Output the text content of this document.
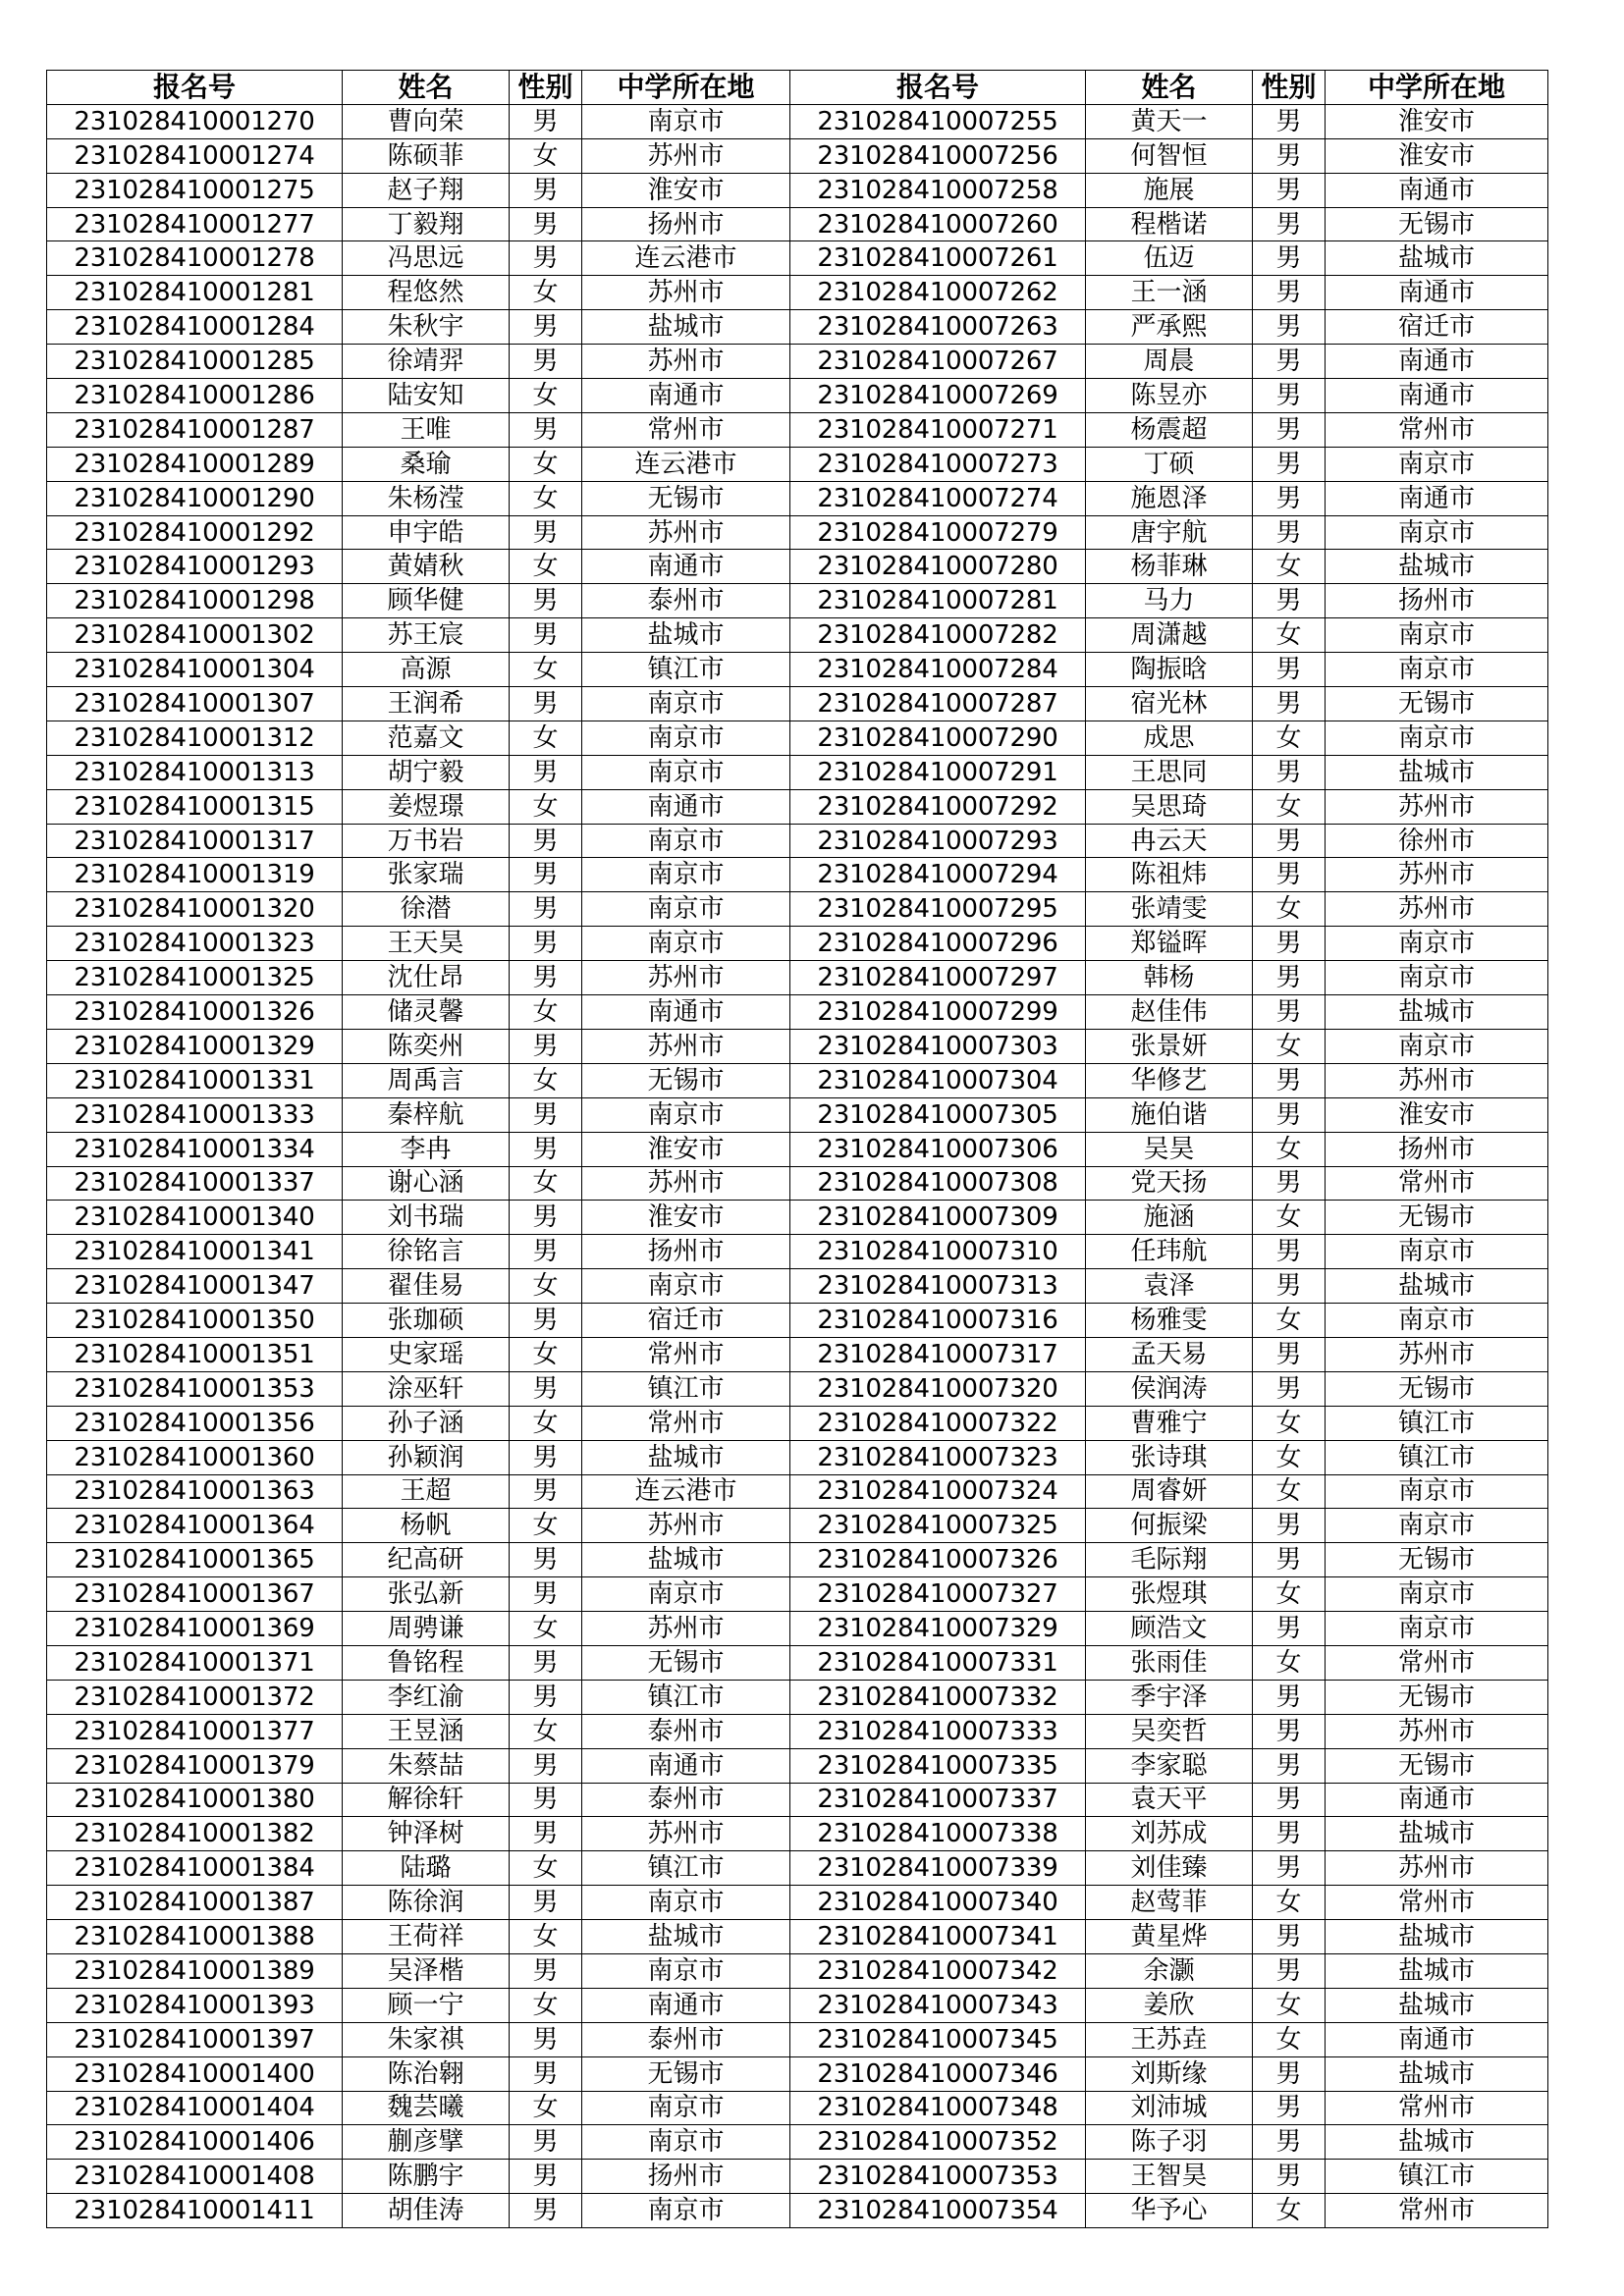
报名号	姓名	性别	中学所在地	报名号	姓名	性别	中学所在地
231028410001270	曹向荣	男	南京市	231028410007255	黄天一	男	淮安市
231028410001274	陈硕菲	女	苏州市	231028410007256	何智恒	男	淮安市
231028410001275	赵子翔	男	淮安市	231028410007258	施展	男	南通市
231028410001277	丁毅翔	男	扬州市	231028410007260	程楷诺	男	无锡市
231028410001278	冯思远	男	连云港市	231028410007261	伍迈	男	盐城市
231028410001281	程悠然	女	苏州市	231028410007262	王一涵	男	南通市
231028410001284	朱秋宇	男	盐城市	231028410007263	严承熙	男	宿迁市
231028410001285	徐靖羿	男	苏州市	231028410007267	周晨	男	南通市
231028410001286	陆安知	女	南通市	231028410007269	陈昱亦	男	南通市
231028410001287	王唯	男	常州市	231028410007271	杨震超	男	常州市
231028410001289	桑瑜	女	连云港市	231028410007273	丁硕	男	南京市
231028410001290	朱杨滢	女	无锡市	231028410007274	施恩泽	男	南通市
231028410001292	申宇皓	男	苏州市	231028410007279	唐宇航	男	南京市
231028410001293	黄婧秋	女	南通市	231028410007280	杨菲琳	女	盐城市
231028410001298	顾华健	男	泰州市	231028410007281	马力	男	扬州市
231028410001302	苏王宸	男	盐城市	231028410007282	周潇越	女	南京市
231028410001304	高源	女	镇江市	231028410007284	陶振晗	男	南京市
231028410001307	王润希	男	南京市	231028410007287	宿光林	男	无锡市
231028410001312	范嘉文	女	南京市	231028410007290	成思	女	南京市
231028410001313	胡宁毅	男	南京市	231028410007291	王思同	男	盐城市
231028410001315	姜煜璟	女	南通市	231028410007292	吴思琦	女	苏州市
231028410001317	万书岩	男	南京市	231028410007293	冉云天	男	徐州市
231028410001319	张家瑞	男	南京市	231028410007294	陈祖炜	男	苏州市
231028410001320	徐潜	男	南京市	231028410007295	张靖雯	女	苏州市
231028410001323	王天昊	男	南京市	231028410007296	郑镒晖	男	南京市
231028410001325	沈仕昂	男	苏州市	231028410007297	韩杨	男	南京市
231028410001326	储灵馨	女	南通市	231028410007299	赵佳伟	男	盐城市
231028410001329	陈奕州	男	苏州市	231028410007303	张景妍	女	南京市
231028410001331	周禹言	女	无锡市	231028410007304	华修艺	男	苏州市
231028410001333	秦梓航	男	南京市	231028410007305	施伯谐	男	淮安市
231028410001334	李冉	男	淮安市	231028410007306	吴昊	女	扬州市
231028410001337	谢心涵	女	苏州市	231028410007308	党天扬	男	常州市
231028410001340	刘书瑞	男	淮安市	231028410007309	施涵	女	无锡市
231028410001341	徐铭言	男	扬州市	231028410007310	任玮航	男	南京市
231028410001347	翟佳易	女	南京市	231028410007313	袁泽	男	盐城市
231028410001350	张珈硕	男	宿迁市	231028410007316	杨雅雯	女	南京市
231028410001351	史家瑶	女	常州市	231028410007317	孟天易	男	苏州市
231028410001353	涂巫轩	男	镇江市	231028410007320	侯润涛	男	无锡市
231028410001356	孙子涵	女	常州市	231028410007322	曹雅宁	女	镇江市
231028410001360	孙颖润	男	盐城市	231028410007323	张诗琪	女	镇江市
231028410001363	王超	男	连云港市	231028410007324	周睿妍	女	南京市
231028410001364	杨帆	女	苏州市	231028410007325	何振梁	男	南京市
231028410001365	纪高研	男	盐城市	231028410007326	毛际翔	男	无锡市
231028410001367	张弘新	男	南京市	231028410007327	张煜琪	女	南京市
231028410001369	周骋谦	女	苏州市	231028410007329	顾浩文	男	南京市
231028410001371	鲁铭程	男	无锡市	231028410007331	张雨佳	女	常州市
231028410001372	李红渝	男	镇江市	231028410007332	季宇泽	男	无锡市
231028410001377	王昱涵	女	泰州市	231028410007333	吴奕哲	男	苏州市
231028410001379	朱蔡喆	男	南通市	231028410007335	李家聪	男	无锡市
231028410001380	解徐轩	男	泰州市	231028410007337	袁天平	男	南通市
231028410001382	钟泽树	男	苏州市	231028410007338	刘苏成	男	盐城市
231028410001384	陆璐	女	镇江市	231028410007339	刘佳臻	男	苏州市
231028410001387	陈徐润	男	南京市	231028410007340	赵莺菲	女	常州市
231028410001388	王荷祥	女	盐城市	231028410007341	黄星烨	男	盐城市
231028410001389	吴泽楷	男	南京市	231028410007342	余灏	男	盐城市
231028410001393	顾一宁	女	南通市	231028410007343	姜欣	女	盐城市
231028410001397	朱家祺	男	泰州市	231028410007345	王苏垚	女	南通市
231028410001400	陈治翱	男	无锡市	231028410007346	刘斯缘	男	盐城市
231028410001404	魏芸曦	女	南京市	231028410007348	刘沛城	男	常州市
231028410001406	蒯彦擘	男	南京市	231028410007352	陈子羽	男	盐城市
231028410001408	陈鹏宇	男	扬州市	231028410007353	王智昊	男	镇江市
231028410001411	胡佳涛	男	南京市	231028410007354	华予心	女	常州市
